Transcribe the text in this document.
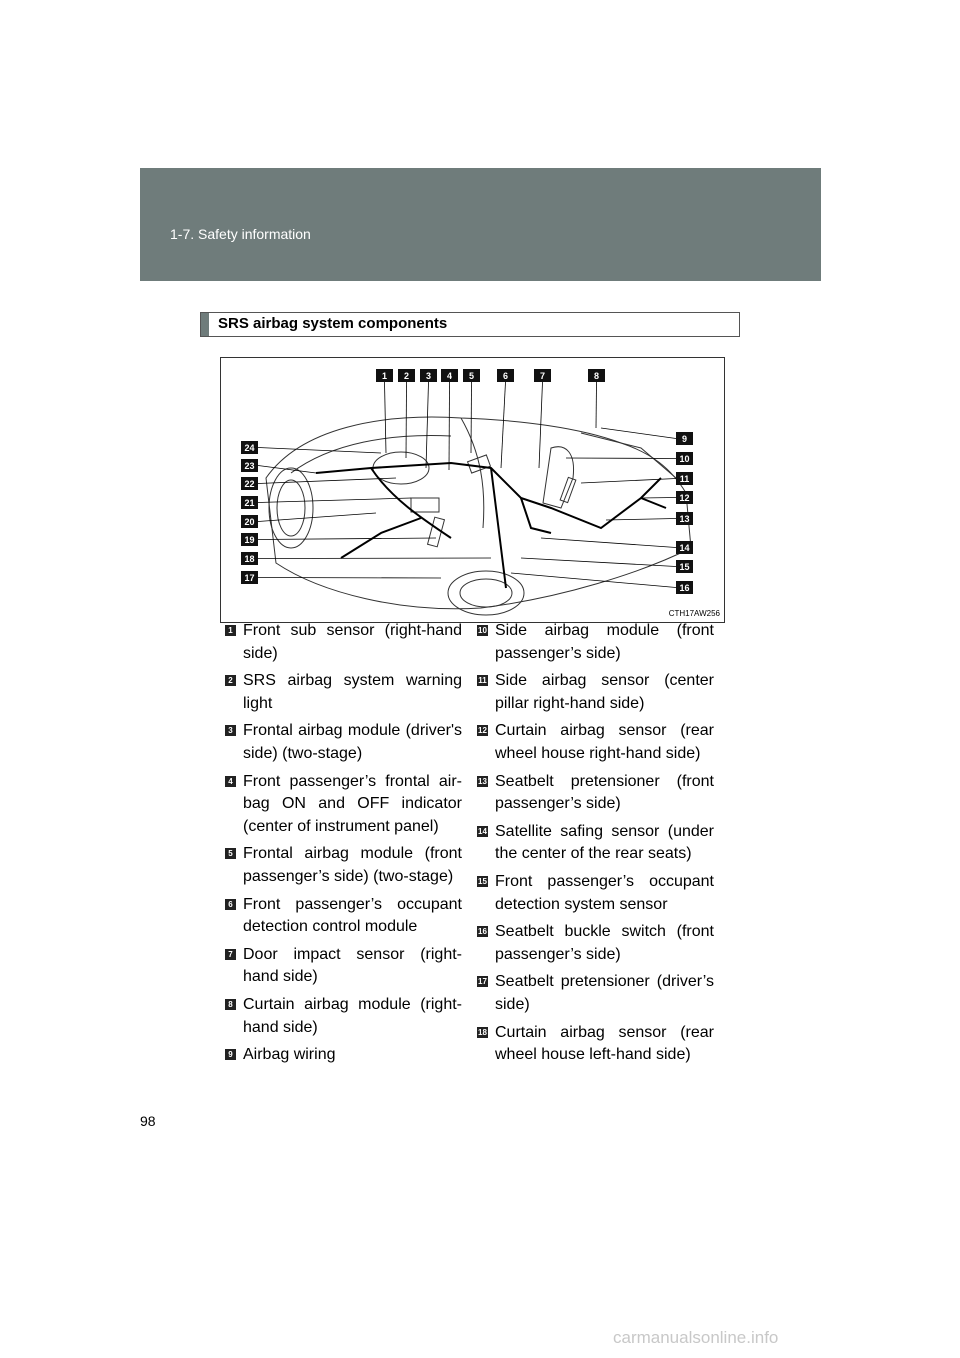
1-7. Safety information
SRS airbag system components
1 2 3 4 5	6	7	8
9
10
11
12
13
14
15
16
24
23
22
21
20
19
18
17
CTH17AW256
1 Front sub sensor (right-hand side)
2 SRS airbag system warning light
3 Frontal airbag module (driver's side) (two-stage)
4 Front passenger’s frontal air-bag ON and OFF indicator (center of instrument panel)
5 Frontal airbag module (front passenger’s side) (two-stage)
6 Front passenger’s occupant detection control module
7 Door impact sensor (right-hand side)
8 Curtain airbag module (right-hand side)
9 Airbag wiring
10 Side airbag module (front passenger’s side)
11 Side airbag sensor (center pillar right-hand side)
12 Curtain airbag sensor (rear wheel house right-hand side)
13 Seatbelt pretensioner (front passenger’s side)
14 Satellite safing sensor (under the center of the rear seats)
15 Front passenger’s occupant detection system sensor
16 Seatbelt buckle switch (front passenger’s side)
17 Seatbelt pretensioner (driver’s side)
18 Curtain airbag sensor (rear wheel house left-hand side)
98
carmanualsonline.info
